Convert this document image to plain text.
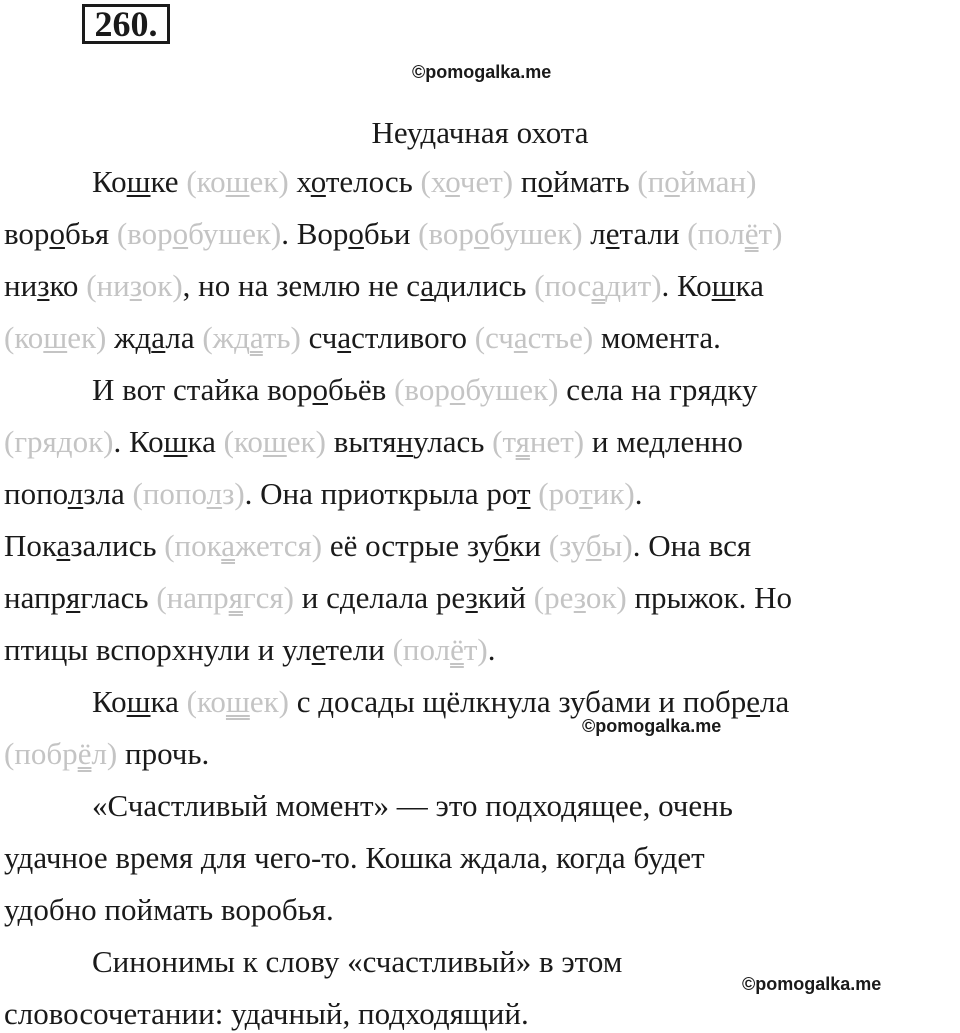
260.
©pomogalka.me
Неудачная охота
Кошке (кошек) хотелось (хочет) поймать (пойман)
воробья (воробушек). Воробьи (воробушек) летали (полёт)
низко (низок), но на землю не садились (посадит). Кошка
(кошек) ждала (ждать) счастливого (счастье) момента.
И вот стайка воробьёв (воробушек) села на грядку
(грядок). Кошка (кошек) вытянулась (тянет) и медленно
поползла (пополз). Она приоткрыла рот (ротик).
Показались (покажется) её острые зубки (зубы). Она вся
напряглась (напрягся) и сделала резкий (резок) прыжок. Но
птицы вспорхнули и улетели (полёт).
Кошка (кошек) с досады щёлкнула зубами и побрела
©pomogalka.me
(побрёл) прочь.
«Счастливый момент» — это подходящее, очень
удачное время для чего-то. Кошка ждала, когда будет
удобно поймать воробья.
Синонимы к слову «счастливый» в этом
©pomogalka.me
словосочетании: удачный, подходящий.
